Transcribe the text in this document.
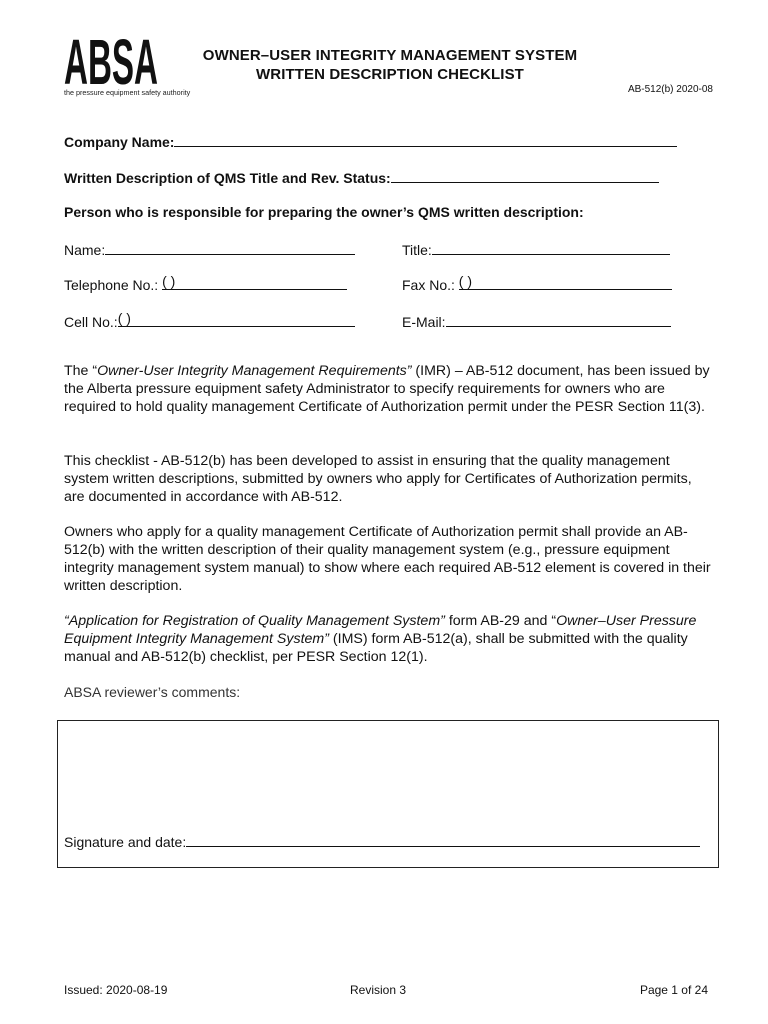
ABSA
the pressure equipment safety authority
OWNER–USER INTEGRITY MANAGEMENT SYSTEM
WRITTEN DESCRIPTION CHECKLIST
AB-512(b) 2020-08
Company Name:
Written Description of QMS Title and Rev. Status:
Person who is responsible for preparing the owner’s QMS written description:
Name:	Title:
Telephone No.: ( )	Fax No.: ( )
Cell No.: ( )	E-Mail:
The “Owner-User Integrity Management Requirements” (IMR) – AB-512 document, has been issued by the Alberta pressure equipment safety Administrator to specify requirements for owners who are required to hold quality management Certificate of Authorization permit under the PESR Section 11(3).
This checklist - AB-512(b) has been developed to assist in ensuring that the quality management system written descriptions, submitted by owners who apply for Certificates of Authorization permits, are documented in accordance with AB-512.
Owners who apply for a quality management Certificate of Authorization permit shall provide an AB-512(b) with the written description of their quality management system (e.g., pressure equipment integrity management system manual) to show where each required AB-512 element is covered in their written description.
“Application for Registration of Quality Management System” form AB-29 and “Owner–User Pressure Equipment Integrity Management System” (IMS) form AB-512(a), shall be submitted with the quality manual and AB-512(b) checklist, per PESR Section 12(1).
ABSA reviewer’s comments:
Signature and date:
Issued: 2020-08-19	Revision 3	Page 1 of 24
